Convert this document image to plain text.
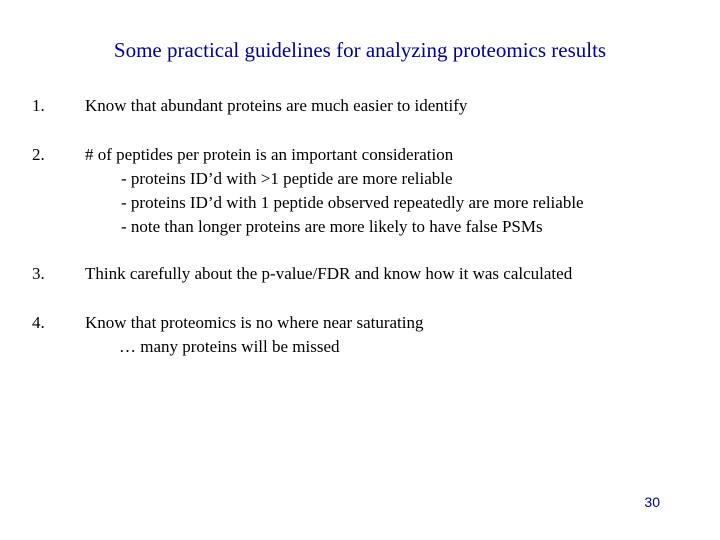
Some practical guidelines for analyzing proteomics results
1. Know that abundant proteins are much easier to identify
2. # of peptides per protein is an important consideration
- proteins ID’d with >1 peptide are more reliable
- proteins ID’d with 1 peptide observed repeatedly are more reliable
- note than longer proteins are more likely to have false PSMs
3. Think carefully about the p-value/FDR and know how it was calculated
4. Know that proteomics is no where near saturating
… many proteins will be missed
30
